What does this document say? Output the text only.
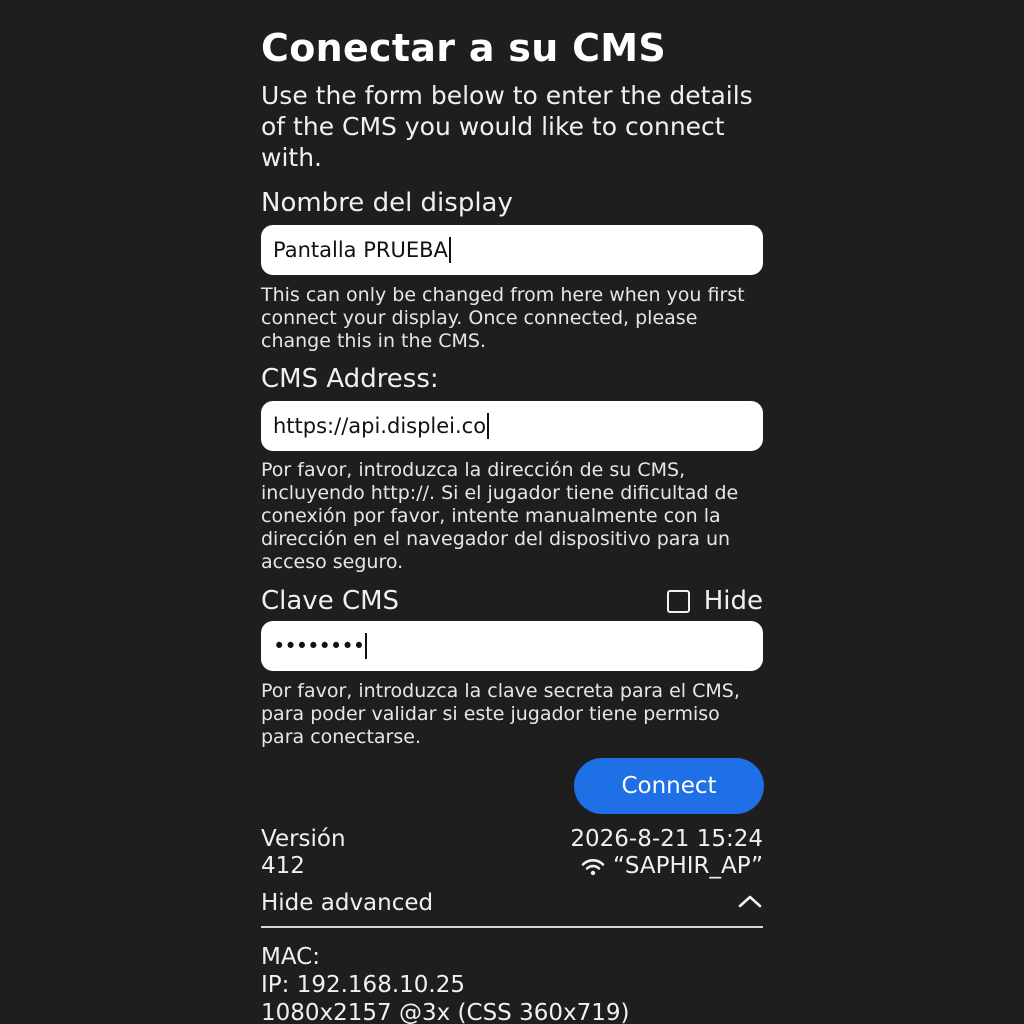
Conectar a su CMS
Use the form below to enter the details of the CMS you would like to connect with.
Nombre del display
Pantalla PRUEBA
This can only be changed from here when you first connect your display. Once connected, please change this in the CMS.
CMS Address:
https://api.displei.co
Por favor, introduzca la dirección de su CMS, incluyendo http://. Si el jugador tiene dificultad de conexión por favor, intente manualmente con la dirección en el navegador del dispositivo para un acceso seguro.
Clave CMS	Hide
••••••••
Por favor, introduzca la clave secreta para el CMS, para poder validar si este jugador tiene permiso para conectarse.
Connect
Versión
412
2026-8-21 15:24
“SAPHIR_AP”
Hide advanced
MAC:
IP: 192.168.10.25
1080x2157 @3x (CSS 360x719)
